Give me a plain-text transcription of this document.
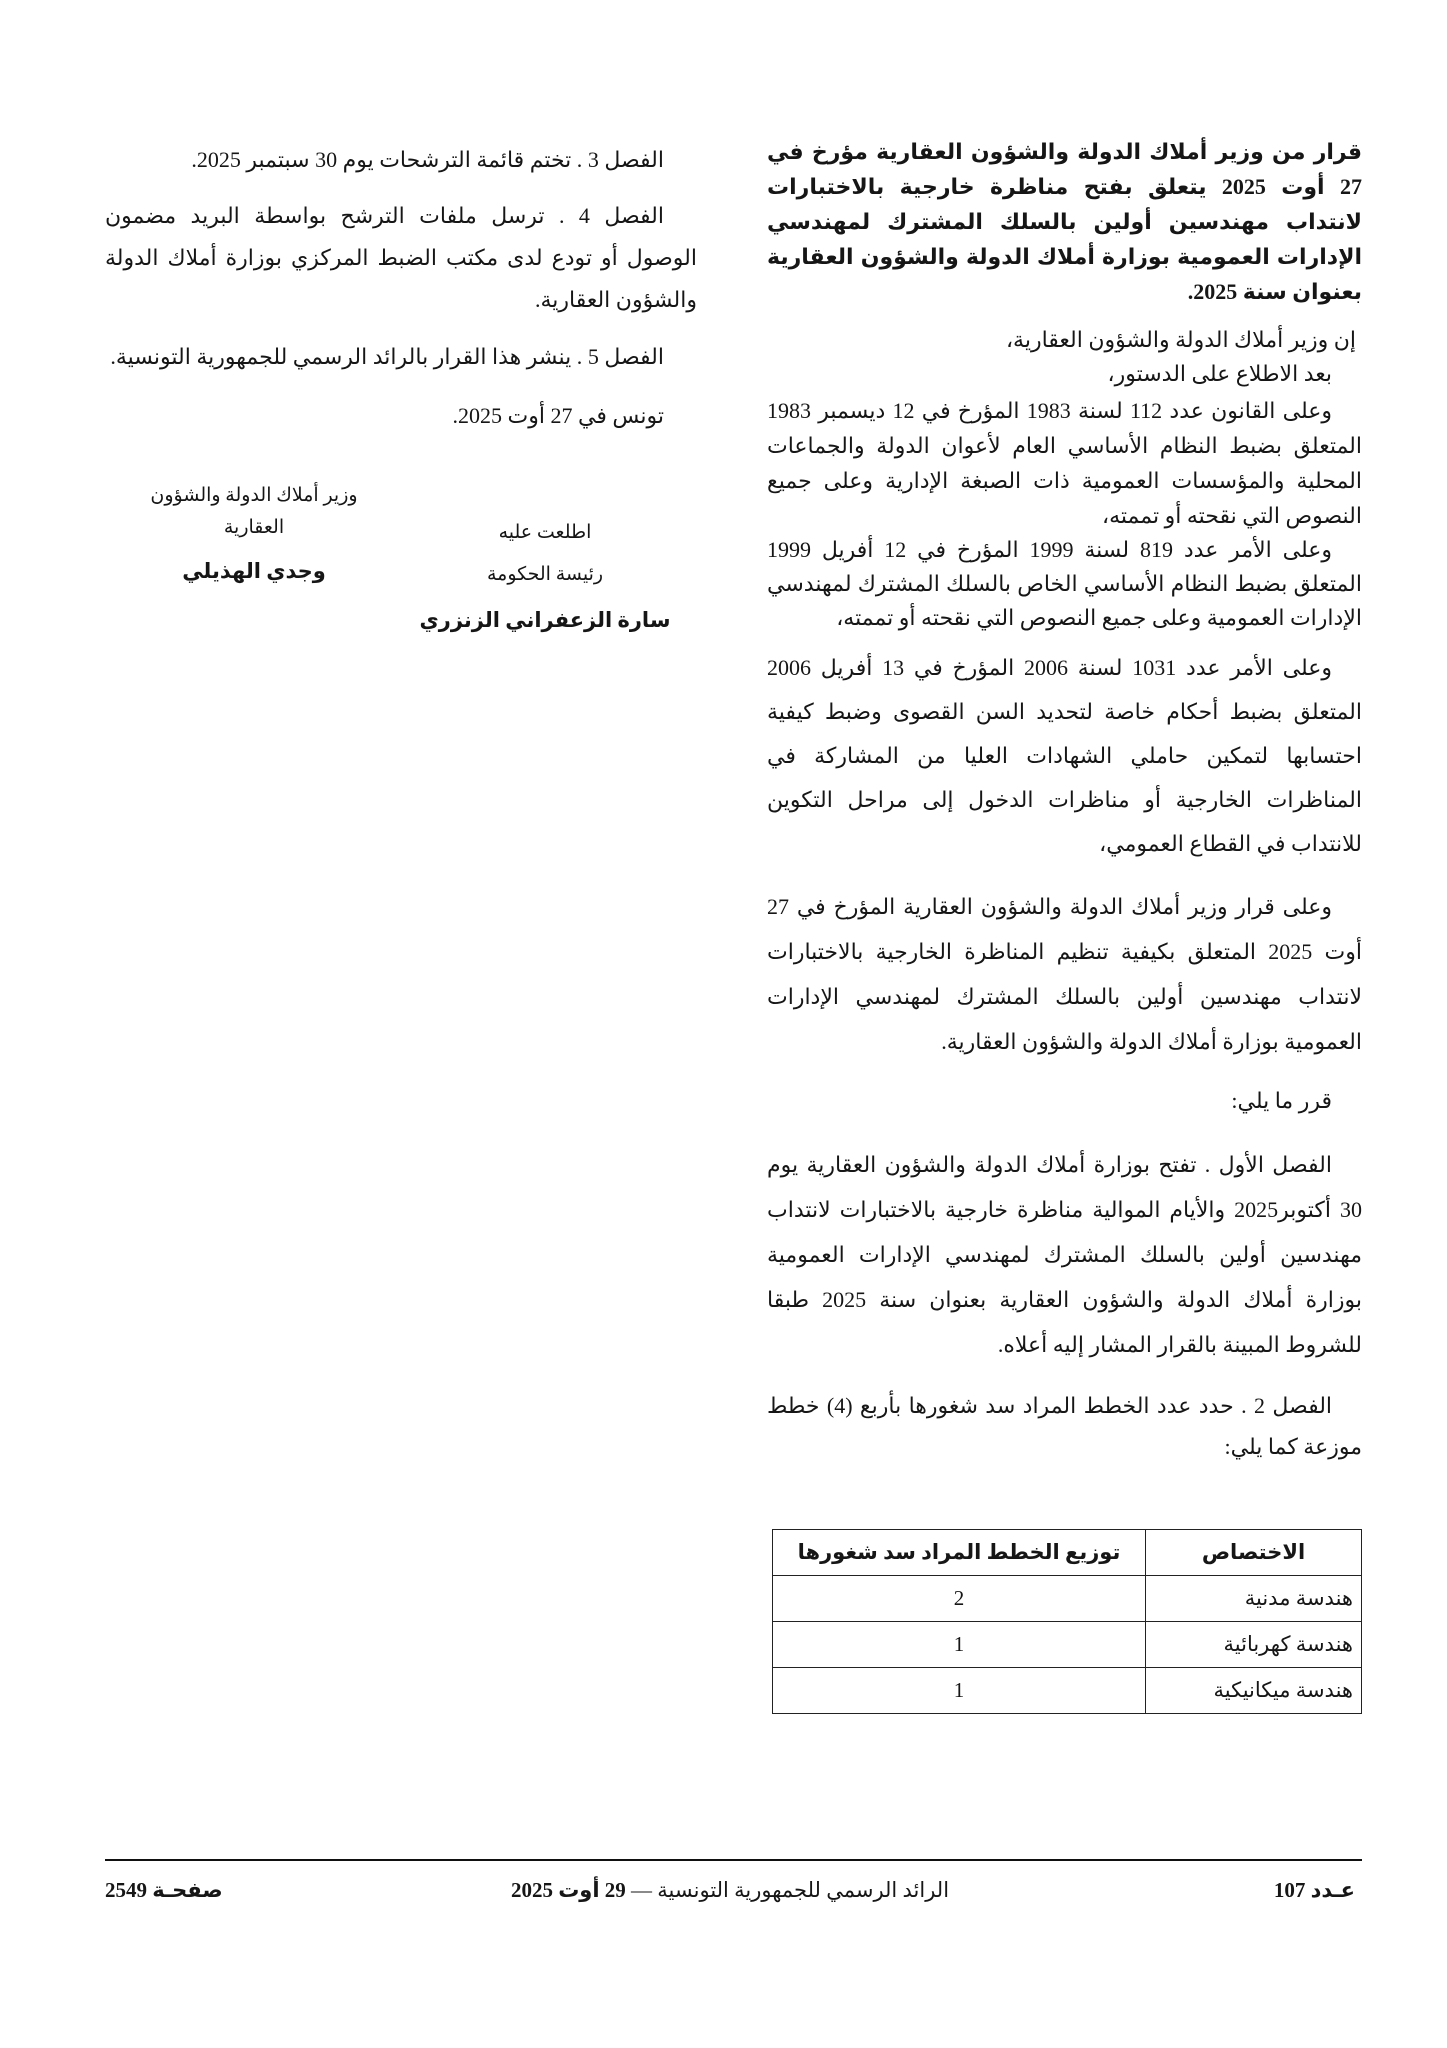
قرار من وزير أملاك الدولة والشؤون العقارية مؤرخ في 27 أوت 2025 يتعلق بفتح مناظرة خارجية بالاختبارات لانتداب مهندسين أولين بالسلك المشترك لمهندسي الإدارات العمومية بوزارة أملاك الدولة والشؤون العقارية بعنوان سنة 2025.

إن وزير أملاك الدولة والشؤون العقارية،

بعد الاطلاع على الدستور،

وعلى القانون عدد 112 لسنة 1983 المؤرخ في 12 ديسمبر 1983 المتعلق بضبط النظام الأساسي العام لأعوان الدولة والجماعات المحلية والمؤسسات العمومية ذات الصبغة الإدارية وعلى جميع النصوص التي نقحته أو تممته،

وعلى الأمر عدد 819 لسنة 1999 المؤرخ في 12 أفريل 1999 المتعلق بضبط النظام الأساسي الخاص بالسلك المشترك لمهندسي الإدارات العمومية وعلى جميع النصوص التي نقحته أو تممته،

وعلى الأمر عدد 1031 لسنة 2006 المؤرخ في 13 أفريل 2006 المتعلق بضبط أحكام خاصة لتحديد السن القصوى وضبط كيفية احتسابها لتمكين حاملي الشهادات العليا من المشاركة في المناظرات الخارجية أو مناظرات الدخول إلى مراحل التكوين للانتداب في القطاع العمومي،

وعلى قرار وزير أملاك الدولة والشؤون العقارية المؤرخ في 27 أوت 2025 المتعلق بكيفية تنظيم المناظرة الخارجية بالاختبارات لانتداب مهندسين أولين بالسلك المشترك لمهندسي الإدارات العمومية بوزارة أملاك الدولة والشؤون العقارية.

قرر ما يلي:

الفصل الأول . تفتح بوزارة أملاك الدولة والشؤون العقارية يوم 30 أكتوبر2025 والأيام الموالية مناظرة خارجية بالاختبارات لانتداب مهندسين أولين بالسلك المشترك لمهندسي الإدارات العمومية بوزارة أملاك الدولة والشؤون العقارية بعنوان سنة 2025 طبقا للشروط المبينة بالقرار المشار إليه أعلاه.

الفصل 2 . حدد عدد الخطط المراد سد شغورها بأربع (4) خطط موزعة كما يلي:

الاختصاص	توزيع الخطط المراد سد شغورها
هندسة مدنية	2
هندسة كهربائية	1
هندسة ميكانيكية	1

الفصل 3 . تختم قائمة الترشحات يوم 30 سبتمبر 2025.

الفصل 4 . ترسل ملفات الترشح بواسطة البريد مضمون الوصول أو تودع لدى مكتب الضبط المركزي بوزارة أملاك الدولة والشؤون العقارية.

الفصل 5 . ينشر هذا القرار بالرائد الرسمي للجمهورية التونسية.

تونس في 27 أوت 2025.

اطلعت عليه
رئيسة الحكومة
سارة الزعفراني الزنزري
وزير أملاك الدولة والشؤون
العقارية
وجدي الهذيلي
عـدد 107
الرائد الرسمي للجمهورية التونسية — 29 أوت 2025
صفحـة 2549
